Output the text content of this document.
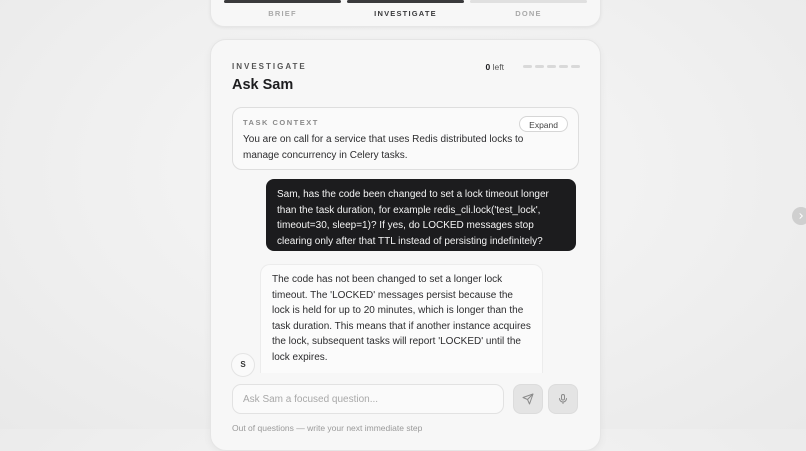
BRIEF	INVESTIGATE	DONE
INVESTIGATE
Ask Sam
0 left
TASK CONTEXT
You are on call for a service that uses Redis distributed locks to manage concurrency in Celery tasks.
Expand
Sam, has the code been changed to set a lock timeout longer than the task duration, for example redis_cli.lock('test_lock', timeout=30, sleep=1)? If yes, do LOCKED messages stop clearing only after that TTL instead of persisting indefinitely?
The code has not been changed to set a longer lock timeout. The 'LOCKED' messages persist because the lock is held for up to 20 minutes, which is longer than the task duration. This means that if another instance acquires the lock, subsequent tasks will report 'LOCKED' until the lock expires.
S
Ask Sam a focused question...
Out of questions — write your next immediate step
